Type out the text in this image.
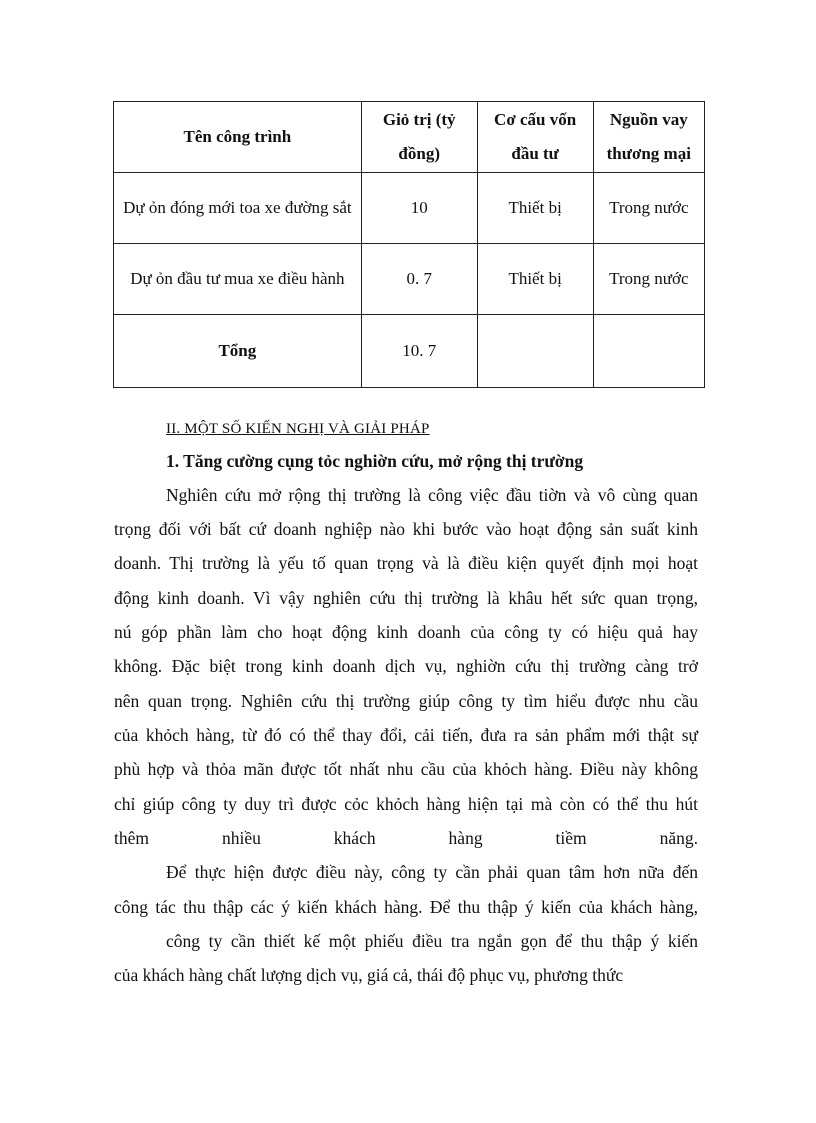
Tên công trình	Giỏ trị (tỷ đồng)	Cơ cấu vốn đầu tư	Nguồn vay thương mại
Dự ỏn đóng mới toa xe đường sắt	10	Thiết bị	Trong nước
Dự ỏn đầu tư mua xe điều hành	0. 7	Thiết bị	Trong nước
Tổng	10. 7		
II. MỘT SỐ KIẾN NGHỊ VÀ GIẢI PHÁP
1. Tăng cường cụng tỏc nghiờn cứu, mở rộng thị trường
Nghiên cứu mở rộng thị trường là công việc đầu tiờn và vô cùng quan
trọng đối với bất cứ doanh nghiệp nào khi bước vào hoạt động sản suất kinh
doanh. Thị trường là yếu tố quan trọng và là điều kiện quyết định mọi hoạt
động kinh doanh. Vì vậy nghiên cứu thị trường là khâu hết sức quan trọng,
nú góp phần làm cho hoạt động kinh doanh của công ty có hiệu quả hay
không. Đặc biệt trong kinh doanh dịch vụ, nghiờn cứu thị trường càng trở
nên quan trọng. Nghiên cứu thị trường giúp công ty tìm hiểu được nhu cầu
của khỏch hàng, từ đó có thể thay đổi, cải tiến, đưa ra sản phẩm mới thật sự
phù hợp và thỏa mãn được tốt nhất nhu cầu của khỏch hàng. Điều này không
chỉ giúp công ty duy trì được cỏc khỏch hàng hiện tại mà còn có thể thu hút
thêm nhiều khách hàng tiềm năng.
Để thực hiện được điều này, công ty cần phải quan tâm hơn nữa đến
công tác thu thập các ý kiến khách hàng. Để thu thập ý kiến của khách hàng,
công ty cần thiết kế một phiếu điều tra ngắn gọn để thu thập ý kiến
của khách hàng chất lượng dịch vụ, giá cả, thái độ phục vụ, phương thức
